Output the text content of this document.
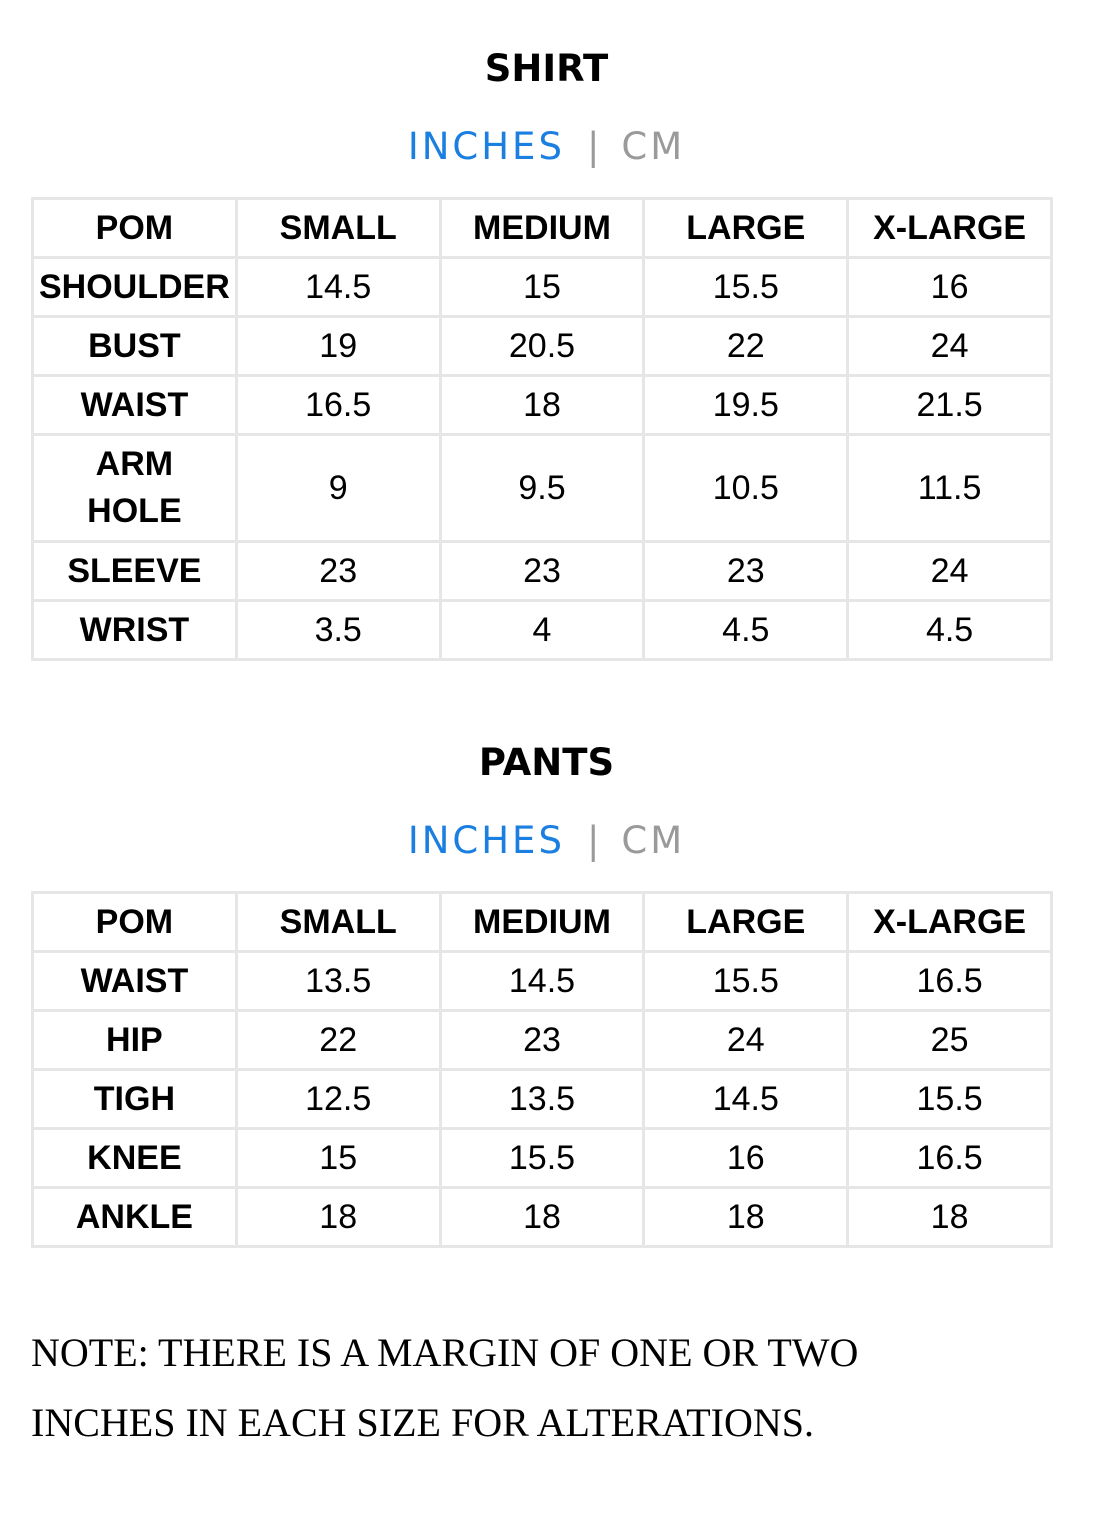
SHIRT
INCHES | CM
POM	SMALL	MEDIUM	LARGE	X-LARGE
SHOULDER	14.5	15	15.5	16
BUST	19	20.5	22	24
WAIST	16.5	18	19.5	21.5
ARM
HOLE	9	9.5	10.5	11.5
SLEEVE	23	23	23	24
WRIST	3.5	4	4.5	4.5
PANTS
INCHES | CM
POM	SMALL	MEDIUM	LARGE	X-LARGE
WAIST	13.5	14.5	15.5	16.5
HIP	22	23	24	25
TIGH	12.5	13.5	14.5	15.5
KNEE	15	15.5	16	16.5
ANKLE	18	18	18	18
NOTE: THERE IS A MARGIN OF ONE OR TWO
INCHES IN EACH SIZE FOR ALTERATIONS.
